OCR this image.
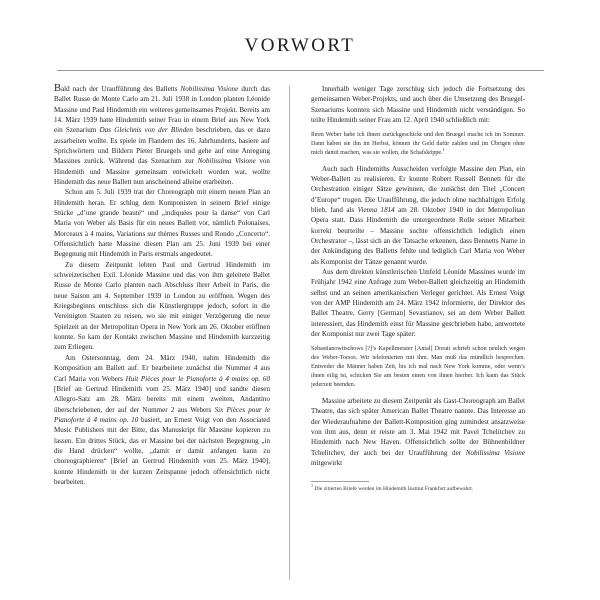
VORWORT

Bald nach der Uraufführung des Balletts Nobilissima Visione durch das Ballet Russe de Monte Carlo am 21. Juli 1938 in London planten Léonide Massine und Paul Hindemith ein weiteres gemeinsames Projekt. Bereits am 14. März 1939 hatte Hindemith seiner Frau in einem Brief aus New York ein Szenarium Das Gleichnis von der Blinden beschrieben, das er dazu ausarbeiten wollte. Es spiele im Flandern des 16. Jahrhunderts, basiere auf Sprichwörtern und Bildern Pieter Bruegels und gehe auf eine Anregung Massines zurück. Während das Szenarium zur Nobilissima Visione von Hindemith und Massine gemeinsam entwickelt worden war, wollte Hindemith das neue Ballett nun anscheinend alleine erarbeiten.

Schon am 5. Juli 1939 trat der Choreograph mit einem neuen Plan an Hindemith heran. Er schlug dem Komponisten in seinem Brief einige Stücke „d’une grande beauté“ und „indiquées pour la danse“ von Carl Maria von Weber als Basis für ein neues Ballett vor, nämlich Polonaises, Morceaux à 4 mains, Variations sur thèmes Russes und Rondo „Concerto“. Offensichtlich hatte Massine diesen Plan am 25. Juni 1939 bei einer Begegnung mit Hindemith in Paris erstmals angedeutet.

Zu diesem Zeitpunkt lebten Paul und Gertrud Hindemith im schweizerischen Exil. Léonide Massine und das von ihm geleitete Ballet Russe de Monte Carlo planten nach Abschluss ihrer Arbeit in Paris, die neue Saison am 4. September 1939 in London zu eröffnen. Wegen des Kriegsbeginns entschloss sich die Künstlergruppe jedoch, sofort in die Vereinigten Staaten zu reisen, wo sie mit einiger Verzögerung die neue Spielzeit an der Metropolitan Opera in New York am 26. Oktober eröffnen konnte. So kam der Kontakt zwischen Massine und Hindemith kurzzeitig zum Erliegen.

Am Ostersonntag, dem 24. März 1940, nahm Hindemith die Komposition am Ballett auf. Er bearbeitete zunächst die Nummer 4 aus Carl Maria von Webers Huit Pièces pour le Pianoforte à 4 mains op. 60 [Brief an Gertrud Hindemith vom 25. März 1940] und sandte diesen Allegro-Satz am 28. März bereits mit einem zweiten, Andantino überschriebenen, der auf der Nummer 2 aus Webers Six Pièces pour le Pianoforte à 4 mains op. 10 basiert, an Ernest Voigt von den Associated Music Publishers mit der Bitte, das Manuskript für Massine kopieren zu lassen. Ein drittes Stück, das er Massine bei der nächsten Begegnung „in die Hand drücken“ wollte, „damit er damit anfangen kann zu choreographieren“ [Brief an Gertrud Hindemith vom 25. März 1940], konnte Hindemith in der kurzen Zeitspanne jedoch offensichtlich nicht bearbeiten.

Innerhalb weniger Tage zerschlug sich jedoch die Fortsetzung des gemeinsamen Weber-Projekts, und auch über die Umsetzung des Bruegel-Szenariums konnten sich Massine und Hindemith nicht verständigen. So teilte Hindemith seiner Frau am 12. April 1940 schließlich mit:

Ihren Weber habe ich ihnen zurückgeschickt und den Bruegel mache ich im Sommer. Dann haben sie ihn im Herbst, können ihr Geld dafür zahlen und im Übrigen ohne mich damit machen, was sie wollen, die Schafsköppe.$^1$

Auch nach Hindemiths Ausscheiden verfolgte Massine den Plan, ein Weber-Ballett zu realisieren. Er konnte Robert Russell Bennett für die Orchestration einiger Sätze gewinnen, die zunächst den Titel „Concert d’Europe“ trugen. Die Uraufführung, die jedoch ohne nachhaltigen Erfolg blieb, fand als Vienna 1814 am 28. Oktober 1940 in der Metropolitan Opera statt. Dass Hindemith die untergeordnete Rolle seiner Mitarbeit korrekt beurteilte – Massine suchte offensichtlich lediglich einen Orchestrator –, lässt sich an der Tatsache erkennen, dass Bennetts Name in der Ankündigung des Balletts fehlte und lediglich Carl Maria von Weber als Komponist der Tänze genannt wurde.

Aus dem direkten künstlerischen Umfeld Léonide Massines wurde im Frühjahr 1942 eine Anfrage zum Weber-Ballett gleichzeitig an Hindemith selbst und an seinen amerikanischen Verleger gerichtet. Als Ernest Voigt von der AMP Hindemith am 24. März 1942 informierte, der Direktor des Ballet Theatre, Gerry [German] Sevastianov, sei an dem Weber Ballett interessiert, das Hindemith einst für Massine geschrieben habe, antwortete der Komponist nur zwei Tage später:

Sebastianowitschows [?]’s Kapellmeister [Antal] Dorati schrieb schon neulich wegen des Weber-Torsos. Wir telefonierten mit ihm. Man muß das mündlich besprechen. Entweder die Männer haben Zeit, bis ich mal nach New York komme, oder wenn’s ihnen eilig ist, schicken Sie am besten einen von ihnen hierher. Ich kann das Stück jederzeit beenden.

Massine arbeitete zu diesem Zeitpunkt als Gast-Choreograph am Ballet Theatre, das sich später American Ballet Theatre nannte. Das Interesse an der Wiederaufnahme der Ballett-Komposition ging zumindest ansatzweise von ihm aus, denn er reiste am 3. Mai 1942 mit Pavel Tchelitchev zu Hindemith nach New Haven. Offensichtlich sollte der Bühnenbildner Tchelitchev, der auch bei der Uraufführung der Nobilissima Visione mitgewirkt

$^1$ Die zitierten Briefe werden im Hindemith Institut Frankfurt aufbewahrt.
